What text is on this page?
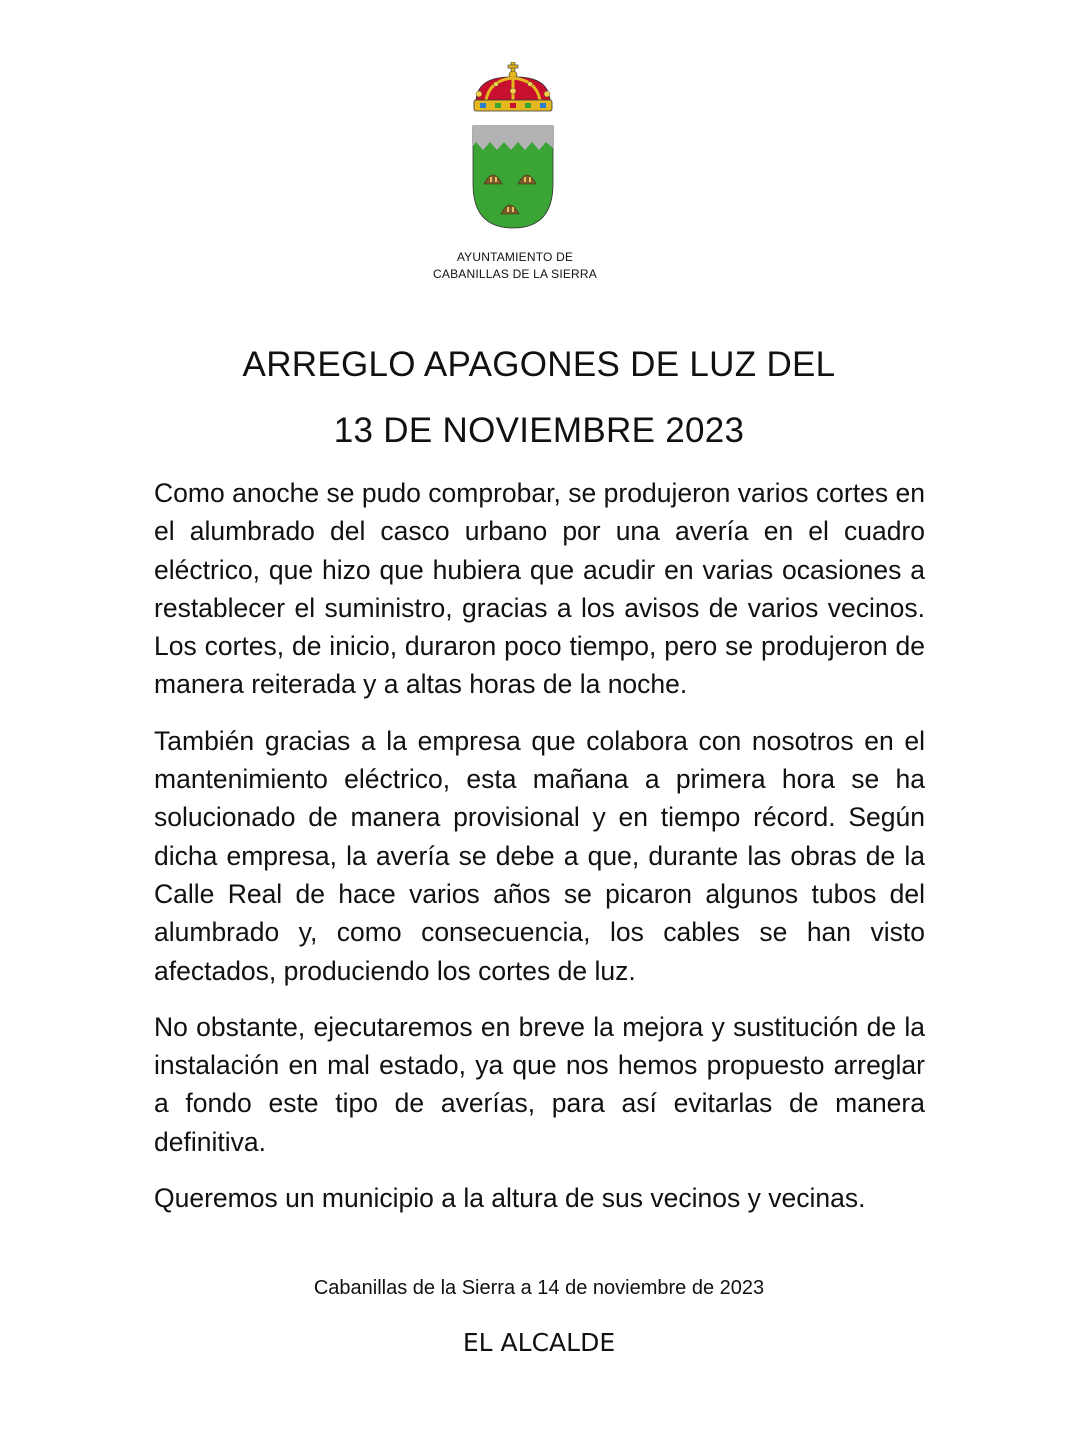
AYUNTAMIENTO DE
CABANILLAS DE LA SIERRA
ARREGLO APAGONES DE LUZ DEL
13 DE NOVIEMBRE 2023

Como anoche se pudo comprobar, se produjeron varios cortes en el alumbrado del casco urbano por una avería en el cuadro eléctrico, que hizo que hubiera que acudir en varias ocasiones a restablecer el suministro, gracias a los avisos de varios vecinos. Los cortes, de inicio, duraron poco tiempo, pero se produjeron de manera reiterada y a altas horas de la noche.

También gracias a la empresa que colabora con nosotros en el mantenimiento eléctrico, esta mañana a primera hora se ha solucionado de manera provisional y en tiempo récord. Según dicha empresa, la avería se debe a que, durante las obras de la Calle Real de hace varios años se picaron algunos tubos del alumbrado y, como consecuencia, los cables se han visto afectados, produciendo los cortes de luz.

No obstante, ejecutaremos en breve la mejora y sustitución de la instalación en mal estado, ya que nos hemos propuesto arreglar a fondo este tipo de averías, para así evitarlas de manera definitiva.

Queremos un municipio a la altura de sus vecinos y vecinas.

Cabanillas de la Sierra a 14 de noviembre de 2023
EL ALCALDE
